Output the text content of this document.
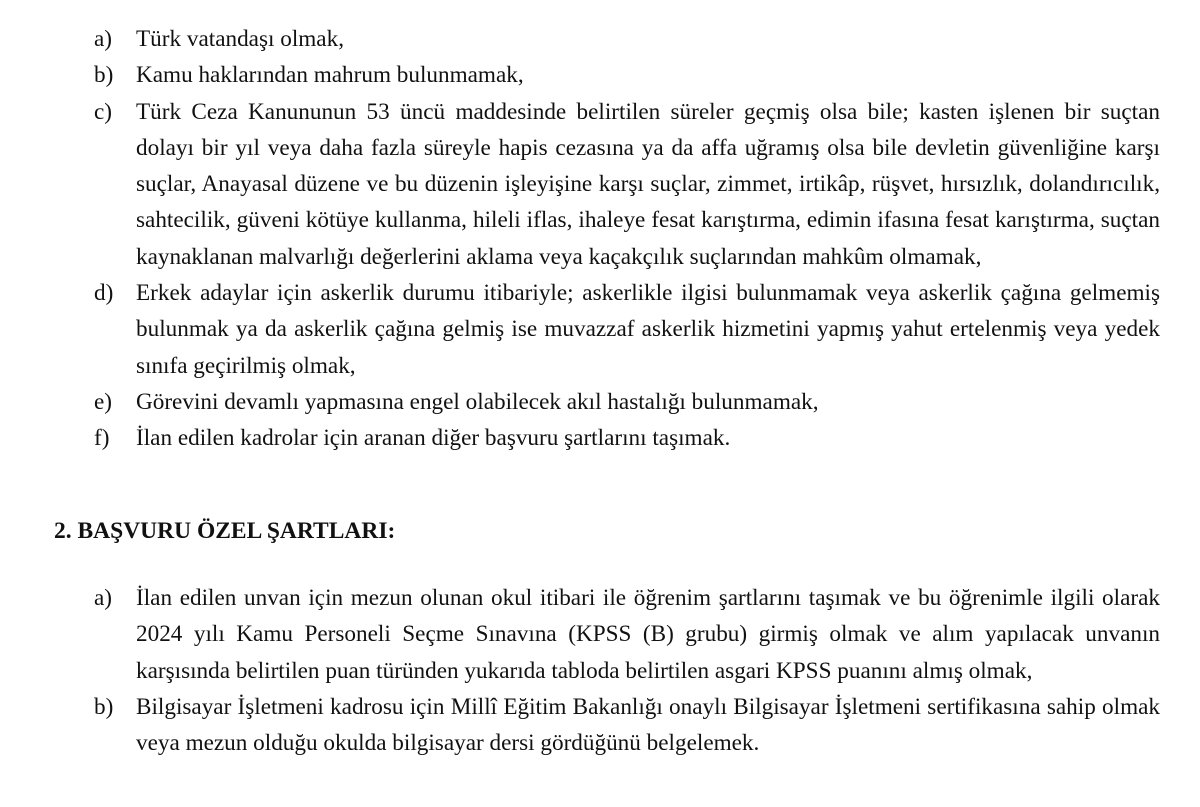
a) Türk vatandaşı olmak,
b) Kamu haklarından mahrum bulunmamak,
c) Türk Ceza Kanununun 53 üncü maddesinde belirtilen süreler geçmiş olsa bile; kasten işlenen bir suçtan dolayı bir yıl veya daha fazla süreyle hapis cezasına ya da affa uğramış olsa bile devletin güvenliğine karşı suçlar, Anayasal düzene ve bu düzenin işleyişine karşı suçlar, zimmet, irtikâp, rüşvet, hırsızlık, dolandırıcılık, sahtecilik, güveni kötüye kullanma, hileli iflas, ihaleye fesat karıştırma, edimin ifasına fesat karıştırma, suçtan kaynaklanan malvarlığı değerlerini aklama veya kaçakçılık suçlarından mahkûm olmamak,
d) Erkek adaylar için askerlik durumu itibariyle; askerlikle ilgisi bulunmamak veya askerlik çağına gelmemiş bulunmak ya da askerlik çağına gelmiş ise muvazzaf askerlik hizmetini yapmış yahut ertelenmiş veya yedek sınıfa geçirilmiş olmak,
e) Görevini devamlı yapmasına engel olabilecek akıl hastalığı bulunmamak,
f) İlan edilen kadrolar için aranan diğer başvuru şartlarını taşımak.
2. BAŞVURU ÖZEL ŞARTLARI:
a) İlan edilen unvan için mezun olunan okul itibari ile öğrenim şartlarını taşımak ve bu öğrenimle ilgili olarak 2024 yılı Kamu Personeli Seçme Sınavına (KPSS (B) grubu) girmiş olmak ve alım yapılacak unvanın karşısında belirtilen puan türünden yukarıda tabloda belirtilen asgari KPSS puanını almış olmak,
b) Bilgisayar İşletmeni kadrosu için Millî Eğitim Bakanlığı onaylı Bilgisayar İşletmeni sertifikasına sahip olmak veya mezun olduğu okulda bilgisayar dersi gördüğünü belgelemek.
